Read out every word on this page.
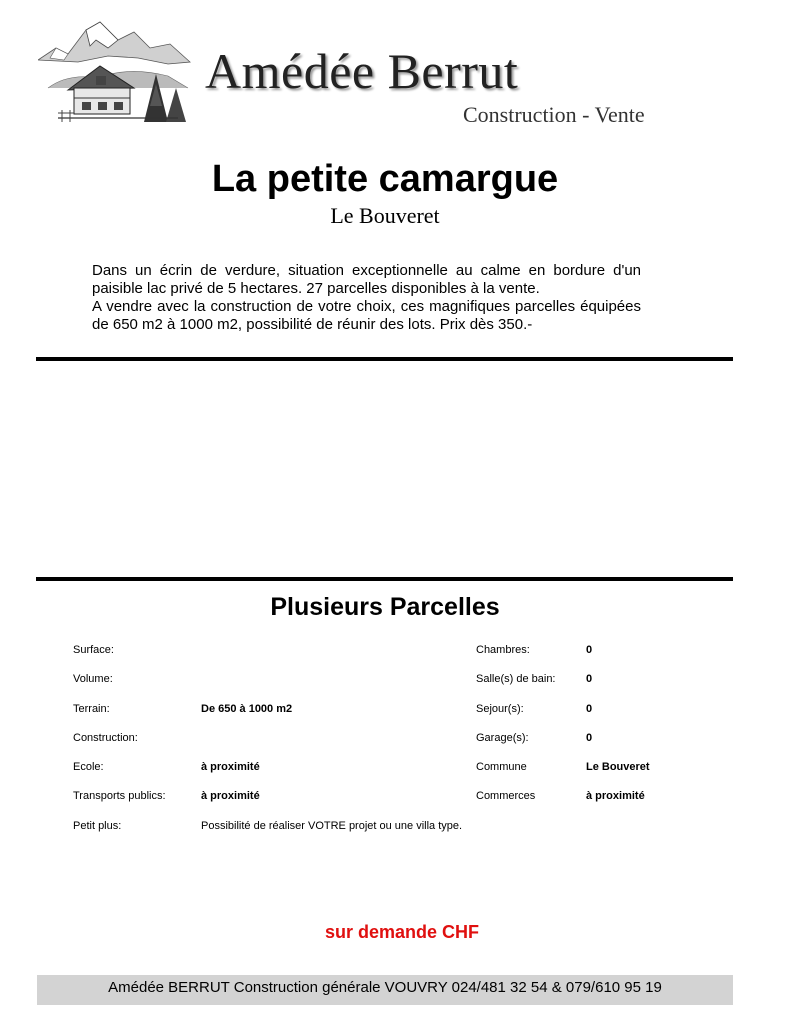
Amédée Berrut
Construction - Vente
La petite camargue
Le Bouveret

Dans un écrin de verdure, situation exceptionnelle au calme en bordure d'un paisible lac privé de 5 hectares. 27 parcelles disponibles à la vente.

A vendre avec la construction de votre choix, ces magnifiques parcelles équipées de 650 m2 à 1000 m2, possibilité de réunir des lots. Prix dès 350.-

Plusieurs Parcelles
Surface:
Volume:
Terrain:	De 650 à 1000 m2
Construction:
Ecole:	à proximité
Transports publics:	à proximité
Petit plus:	Possibilité de réaliser VOTRE projet ou une villa type.
Chambres:	0
Salle(s) de bain:	0
Sejour(s):	0
Garage(s):	0
Commune	Le Bouveret
Commerces	à proximité
sur demande CHF
Amédée BERRUT Construction générale VOUVRY 024/481 32 54 & 079/610 95 19
